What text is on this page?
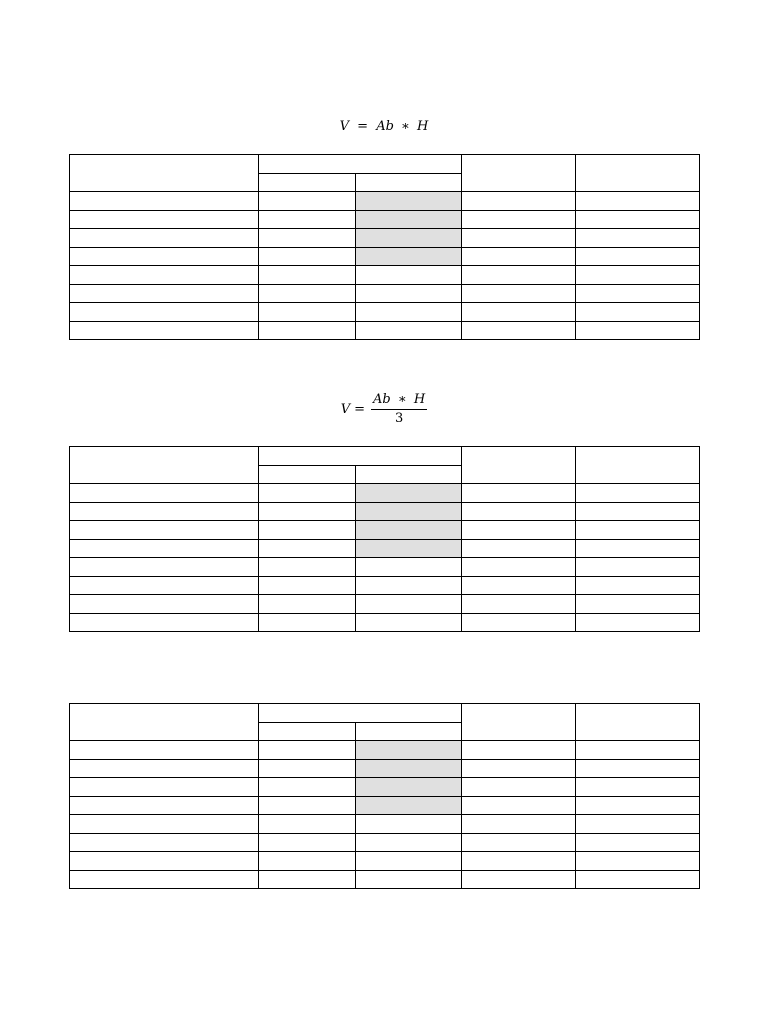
V = Ab ∗ H

$V = \frac{Ab ∗ H}{3}$
